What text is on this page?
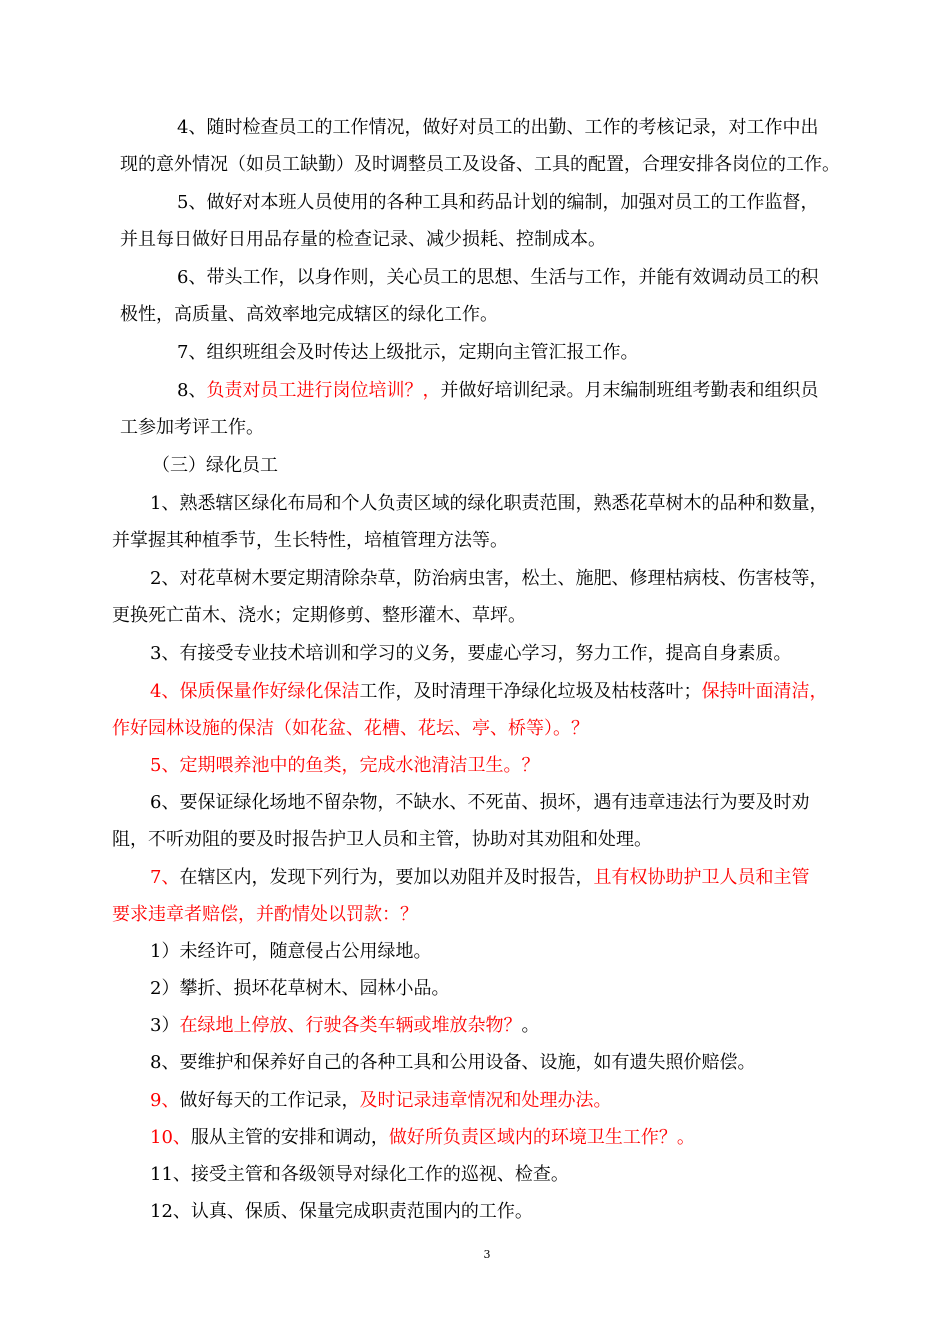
4、随时检查员工的工作情况，做好对员工的出勤、工作的考核记录，对工作中出
现的意外情况（如员工缺勤）及时调整员工及设备、工具的配置，合理安排各岗位的工作。
5、做好对本班人员使用的各种工具和药品计划的编制，加强对员工的工作监督，
并且每日做好日用品存量的检查记录、减少损耗、控制成本。
6、带头工作，以身作则，关心员工的思想、生活与工作，并能有效调动员工的积
极性，高质量、高效率地完成辖区的绿化工作。
7、组织班组会及时传达上级批示，定期向主管汇报工作。
8、负责对员工进行岗位培训？，并做好培训纪录。月末编制班组考勤表和组织员
工参加考评工作。
（三）绿化员工
1、熟悉辖区绿化布局和个人负责区域的绿化职责范围，熟悉花草树木的品种和数量，
并掌握其种植季节，生长特性，培植管理方法等。
2、对花草树木要定期清除杂草，防治病虫害，松土、施肥、修理枯病枝、伤害枝等，
更换死亡苗木、浇水；定期修剪、整形灌木、草坪。
3、有接受专业技术培训和学习的义务，要虚心学习，努力工作，提高自身素质。
4、保质保量作好绿化保洁工作，及时清理干净绿化垃圾及枯枝落叶；保持叶面清洁，
作好园林设施的保洁（如花盆、花槽、花坛、亭、桥等）。？
5、定期喂养池中的鱼类，完成水池清洁卫生。？
6、要保证绿化场地不留杂物，不缺水、不死苗、损坏，遇有违章违法行为要及时劝
阻，不听劝阻的要及时报告护卫人员和主管，协助对其劝阻和处理。
7、在辖区内，发现下列行为，要加以劝阻并及时报告，且有权协助护卫人员和主管
要求违章者赔偿，并酌情处以罚款：？
1）未经许可，随意侵占公用绿地。
2）攀折、损坏花草树木、园林小品。
3）在绿地上停放、行驶各类车辆或堆放杂物？。
8、要维护和保养好自己的各种工具和公用设备、设施，如有遗失照价赔偿。
9、做好每天的工作记录，及时记录违章情况和处理办法。
10、服从主管的安排和调动，做好所负责区域内的环境卫生工作？。
11、接受主管和各级领导对绿化工作的巡视、检查。
12、认真、保质、保量完成职责范围内的工作。
3
